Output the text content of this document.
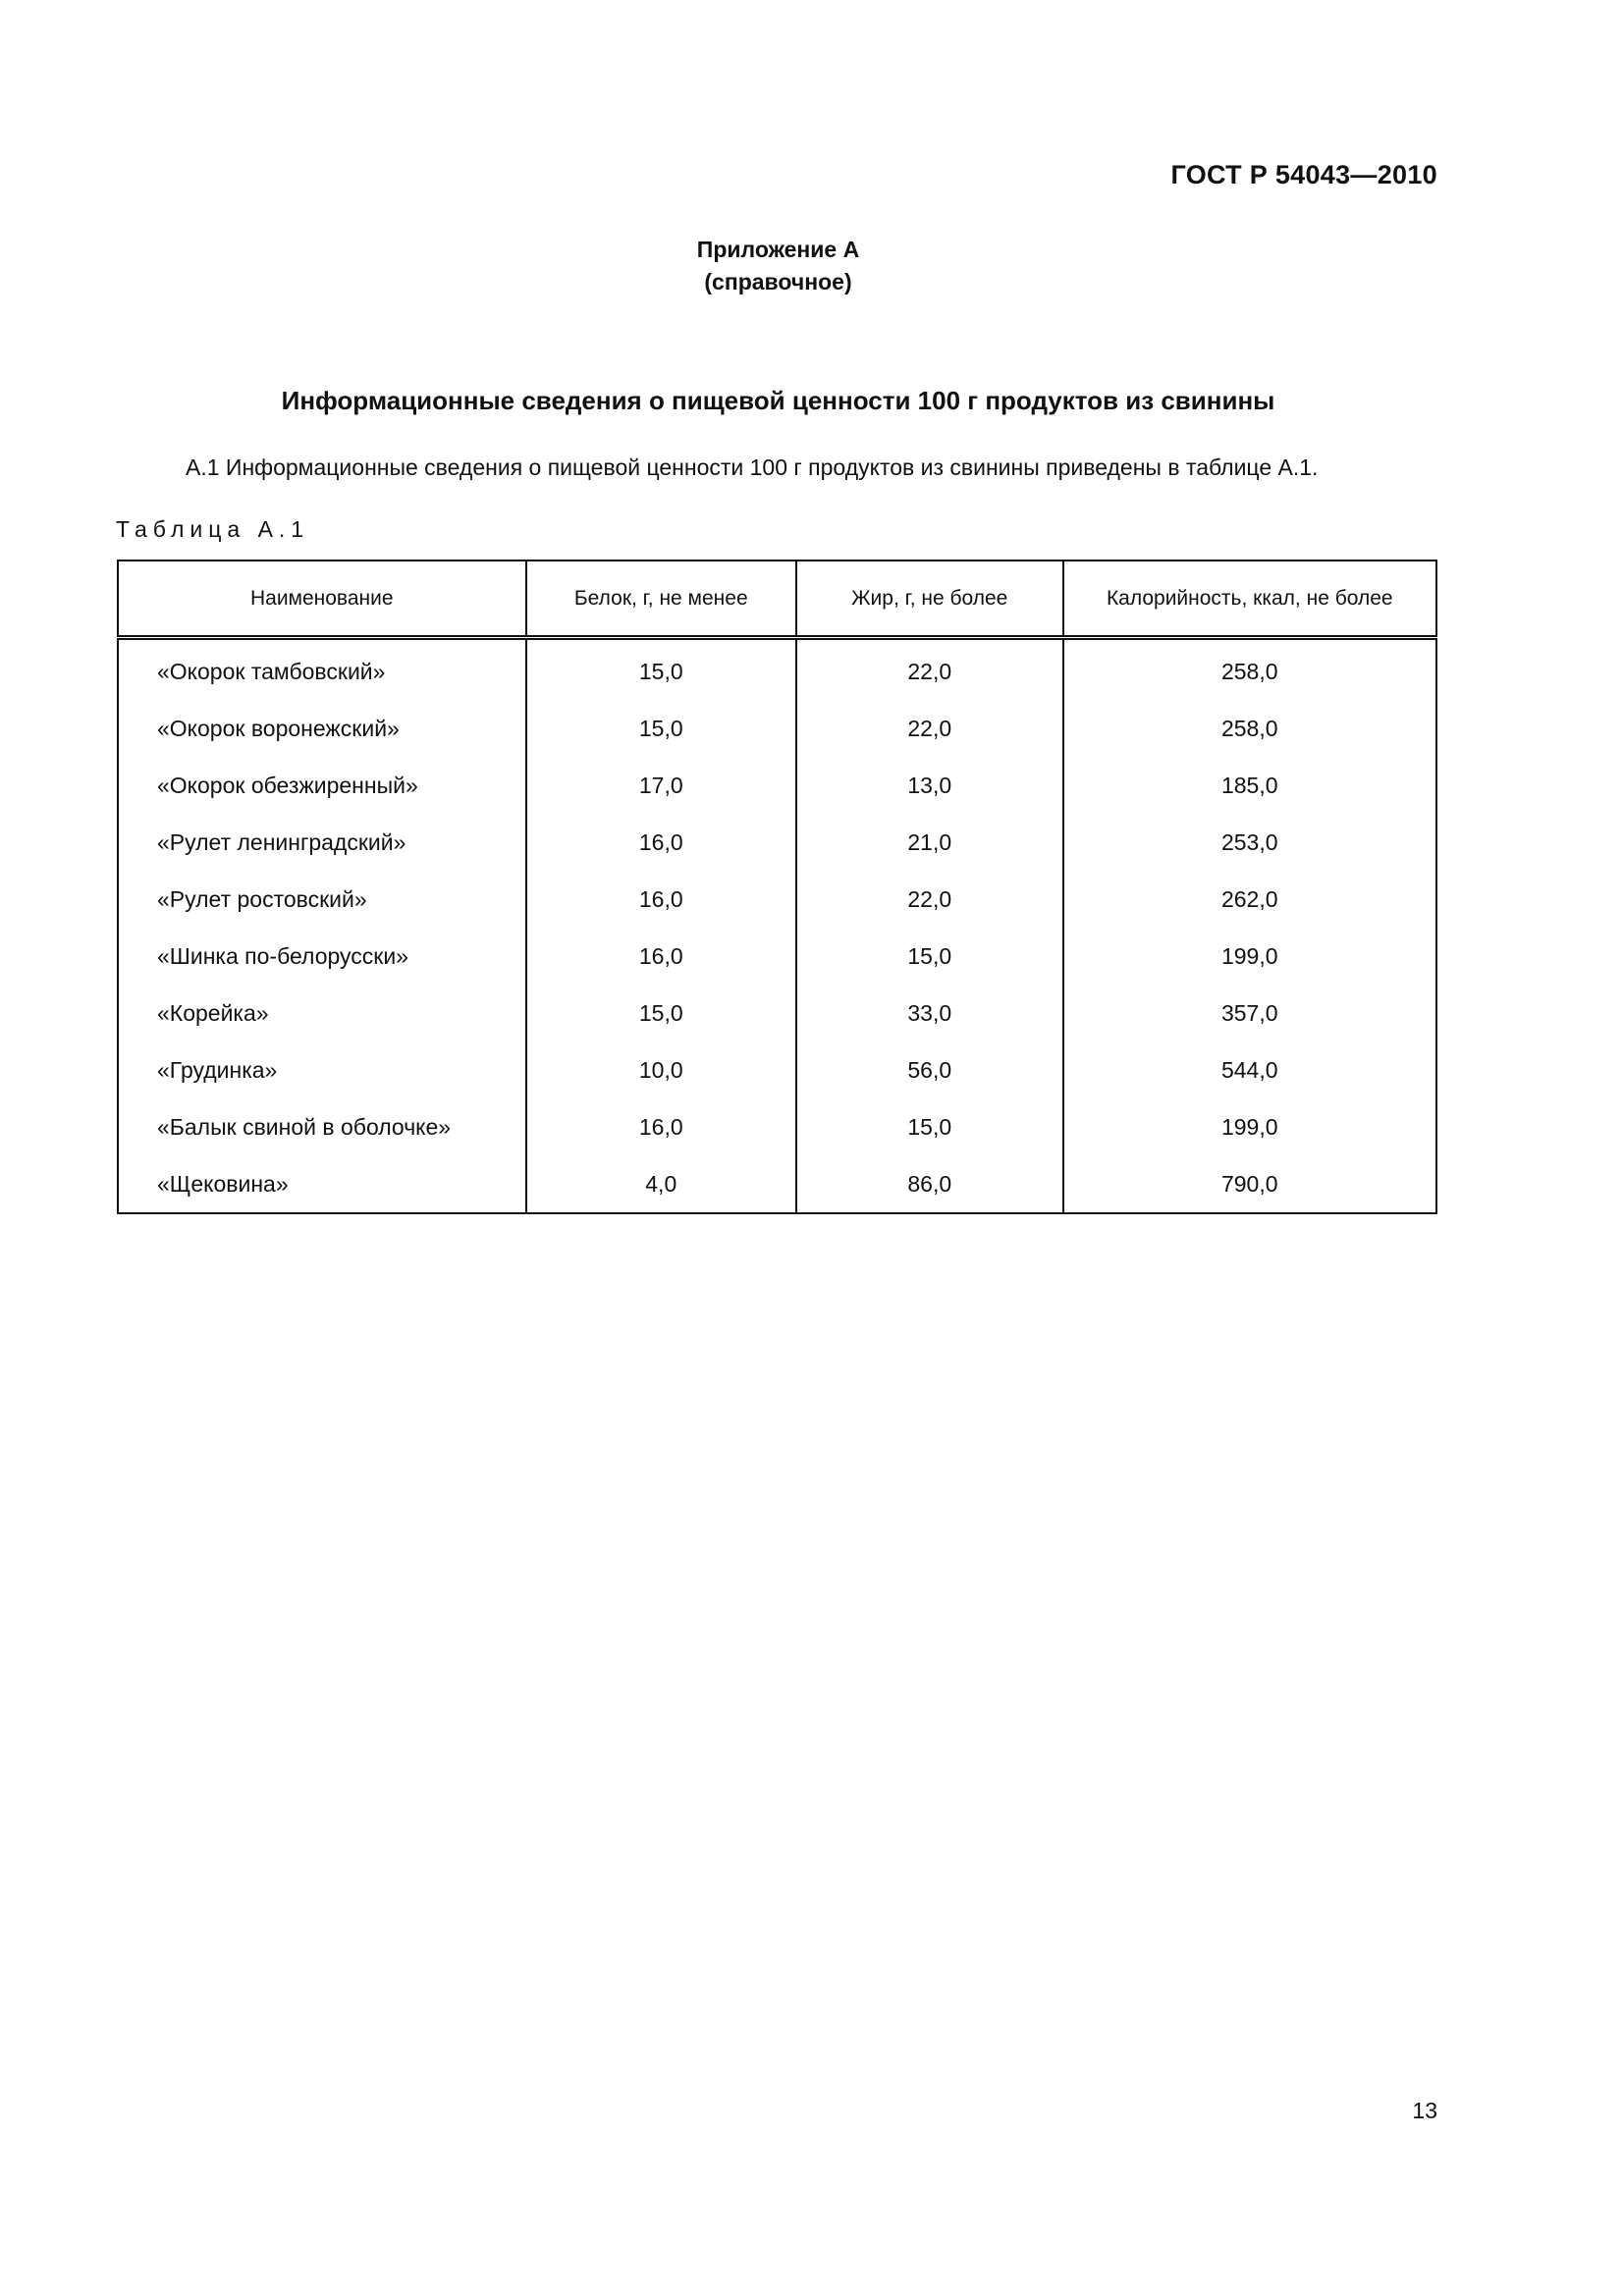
ГОСТ Р 54043—2010
Приложение А
(справочное)
Информационные сведения о пищевой ценности 100 г продуктов из свинины
А.1 Информационные сведения о пищевой ценности 100 г продуктов из свинины приведены в таблице А.1.
Таблица А.1
Наименование	Белок, г, не менее	Жир, г, не более	Калорийность, ккал, не более
«Окорок тамбовский»	15,0	22,0	258,0
«Окорок воронежский»	15,0	22,0	258,0
«Окорок обезжиренный»	17,0	13,0	185,0
«Рулет ленинградский»	16,0	21,0	253,0
«Рулет ростовский»	16,0	22,0	262,0
«Шинка по-белорусски»	16,0	15,0	199,0
«Корейка»	15,0	33,0	357,0
«Грудинка»	10,0	56,0	544,0
«Балык свиной в оболочке»	16,0	15,0	199,0
«Щековина»	4,0	86,0	790,0
13
